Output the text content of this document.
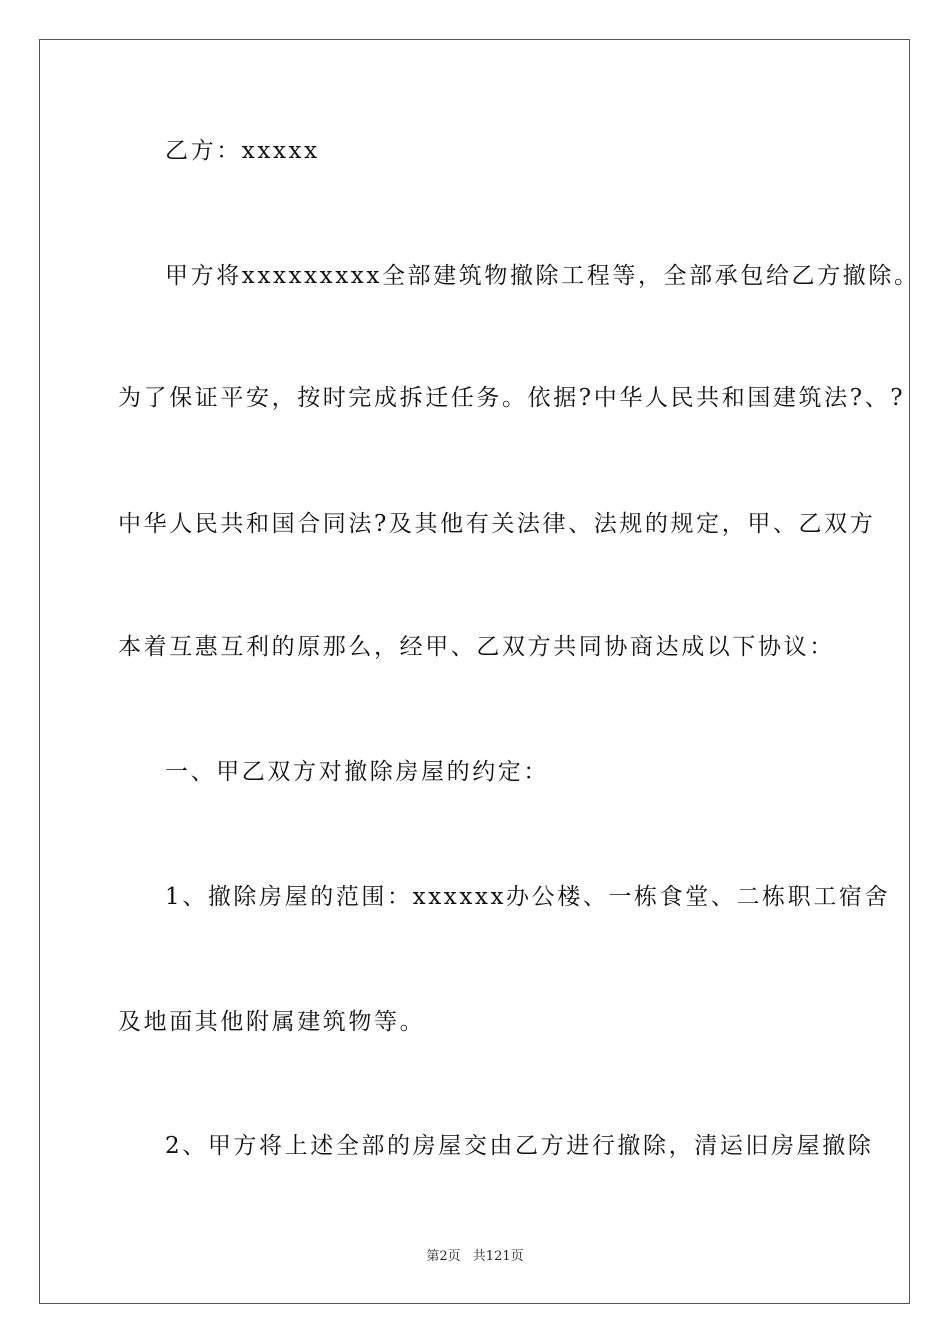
乙方：xxxxx
甲方将xxxxxxxxx全部建筑物撤除工程等，全部承包给乙方撤除。
为了保证平安，按时完成拆迁任务。依据?中华人民共和国建筑法?、?
中华人民共和国合同法?及其他有关法律、法规的规定，甲、乙双方
本着互惠互利的原那么，经甲、乙双方共同协商达成以下协议：
一、甲乙双方对撤除房屋的约定：
1、撤除房屋的范围：xxxxxx办公楼、一栋食堂、二栋职工宿舍
及地面其他附属建筑物等。
2、甲方将上述全部的房屋交由乙方进行撤除，清运旧房屋撤除
第2页 共121页
